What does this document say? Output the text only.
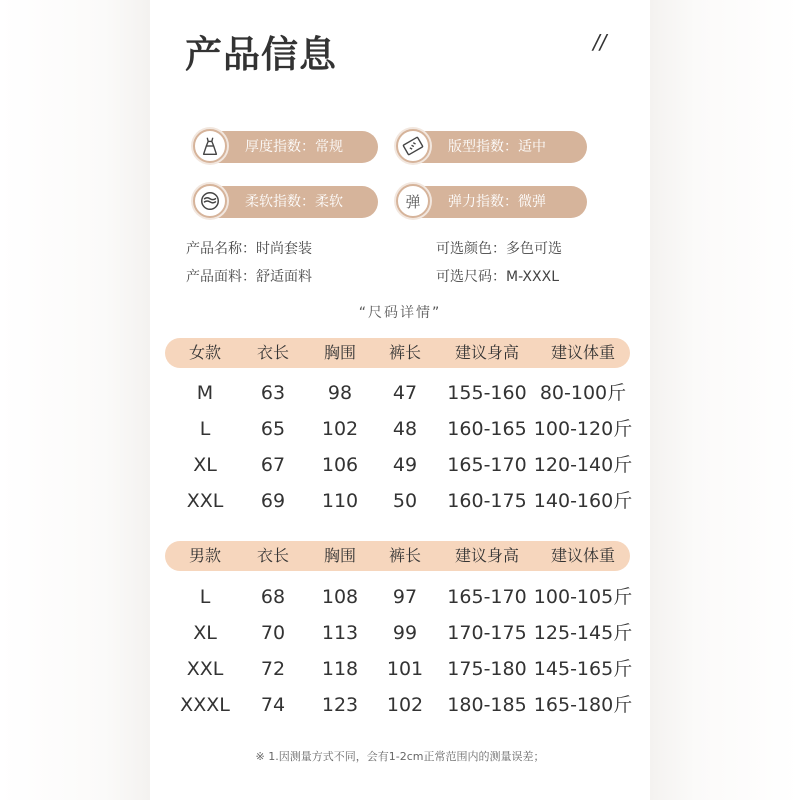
产品信息	//
厚度指数：常规	版型指数：适中
柔软指数：柔软	弹 弹力指数：微弹
产品名称：时尚套装
产品面料：舒适面料
可选颜色：多色可选
可选尺码：M-XXXL
“尺码详情”
女款 衣长 胸围 裤长 建议身高 建议体重
M	63 98 47 155-160 80-100斤
L	65 102 48 160-165 100-120斤
XL 67 106 49 165-170 120-140斤
XXL 69 110 50 160-175 140-160斤
男款 衣长 胸围 裤长 建议身高 建议体重
L	68 108 97 165-170 100-105斤
XL 70 113 99 170-175 125-145斤
XXL 72 118 101 175-180 145-165斤
XXXL 74 123 102 180-185 165-180斤
※ 1.因测量方式不同，会有1-2cm正常范围内的测量误差；
